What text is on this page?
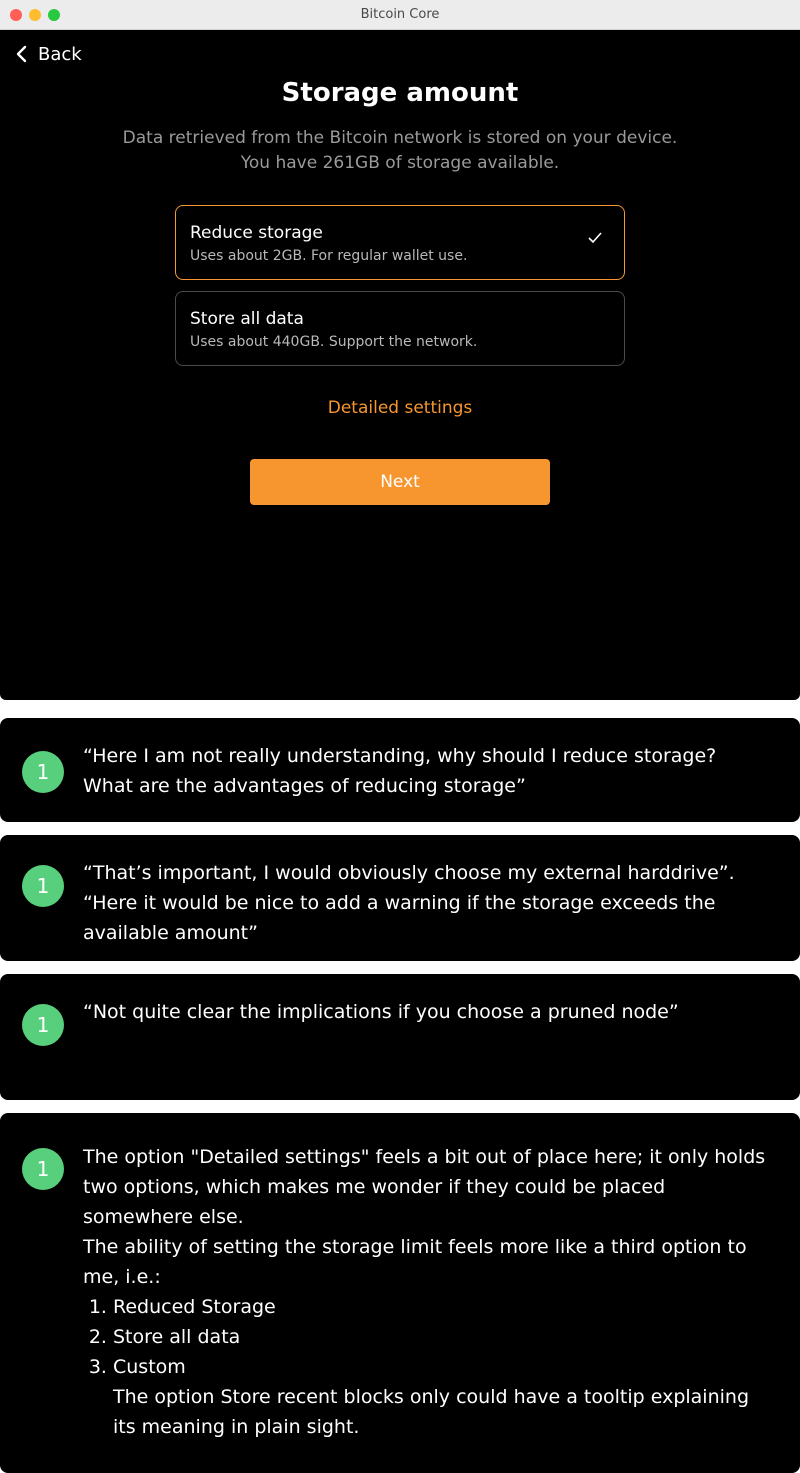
Bitcoin Core
Back
Storage amount
Data retrieved from the Bitcoin network is stored on your device.
You have 261GB of storage available.
Reduce storage
Uses about 2GB. For regular wallet use.
Store all data
Uses about 440GB. Support the network.
Detailed settings
Next
1
“Here I am not really understanding, why should I reduce storage?
What are the advantages of reducing storage”
1
“That’s important, I would obviously choose my external harddrive”.
“Here it would be nice to add a warning if the storage exceeds the
available amount”
1
“Not quite clear the implications if you choose a pruned node”
1	The option "Detailed settings" feels a bit out of place here; it only holds
two options, which makes me wonder if they could be placed
somewhere else.
The ability of setting the storage limit feels more like a third option to
me, i.e.:
1. Reduced Storage
2. Store all data
3. Custom
The option Store recent blocks only could have a tooltip explaining
its meaning in plain sight.
